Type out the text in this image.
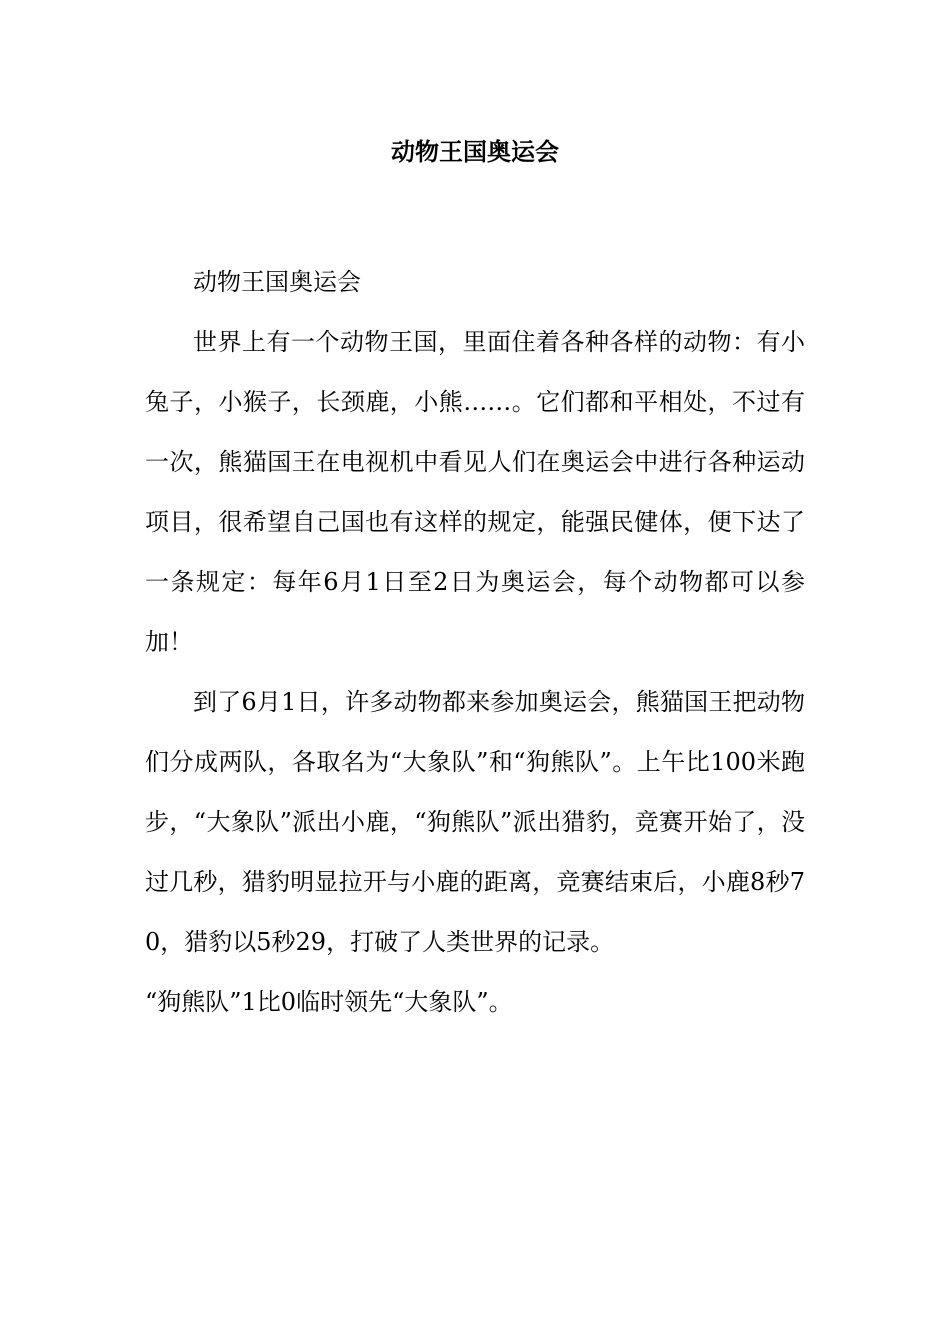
动物王国奥运会

动物王国奥运会

世界上有一个动物王国，里面住着各种各样的动物：有小兔子，小猴子，长颈鹿，小熊……。它们都和平相处，不过有一次，熊猫国王在电视机中看见人们在奥运会中进行各种运动项目，很希望自己国也有这样的规定，能强民健体，便下达了一条规定：每年6月1日至2日为奥运会，每个动物都可以参加！

到了6月1日，许多动物都来参加奥运会，熊猫国王把动物们分成两队，各取名为“大象队”和“狗熊队”。上午比100米跑步，“大象队”派出小鹿，“狗熊队”派出猎豹，竞赛开始了，没过几秒，猎豹明显拉开与小鹿的距离，竞赛结束后，小鹿8秒70，猎豹以5秒29，打破了人类世界的记录。

“狗熊队”1比0临时领先“大象队”。
